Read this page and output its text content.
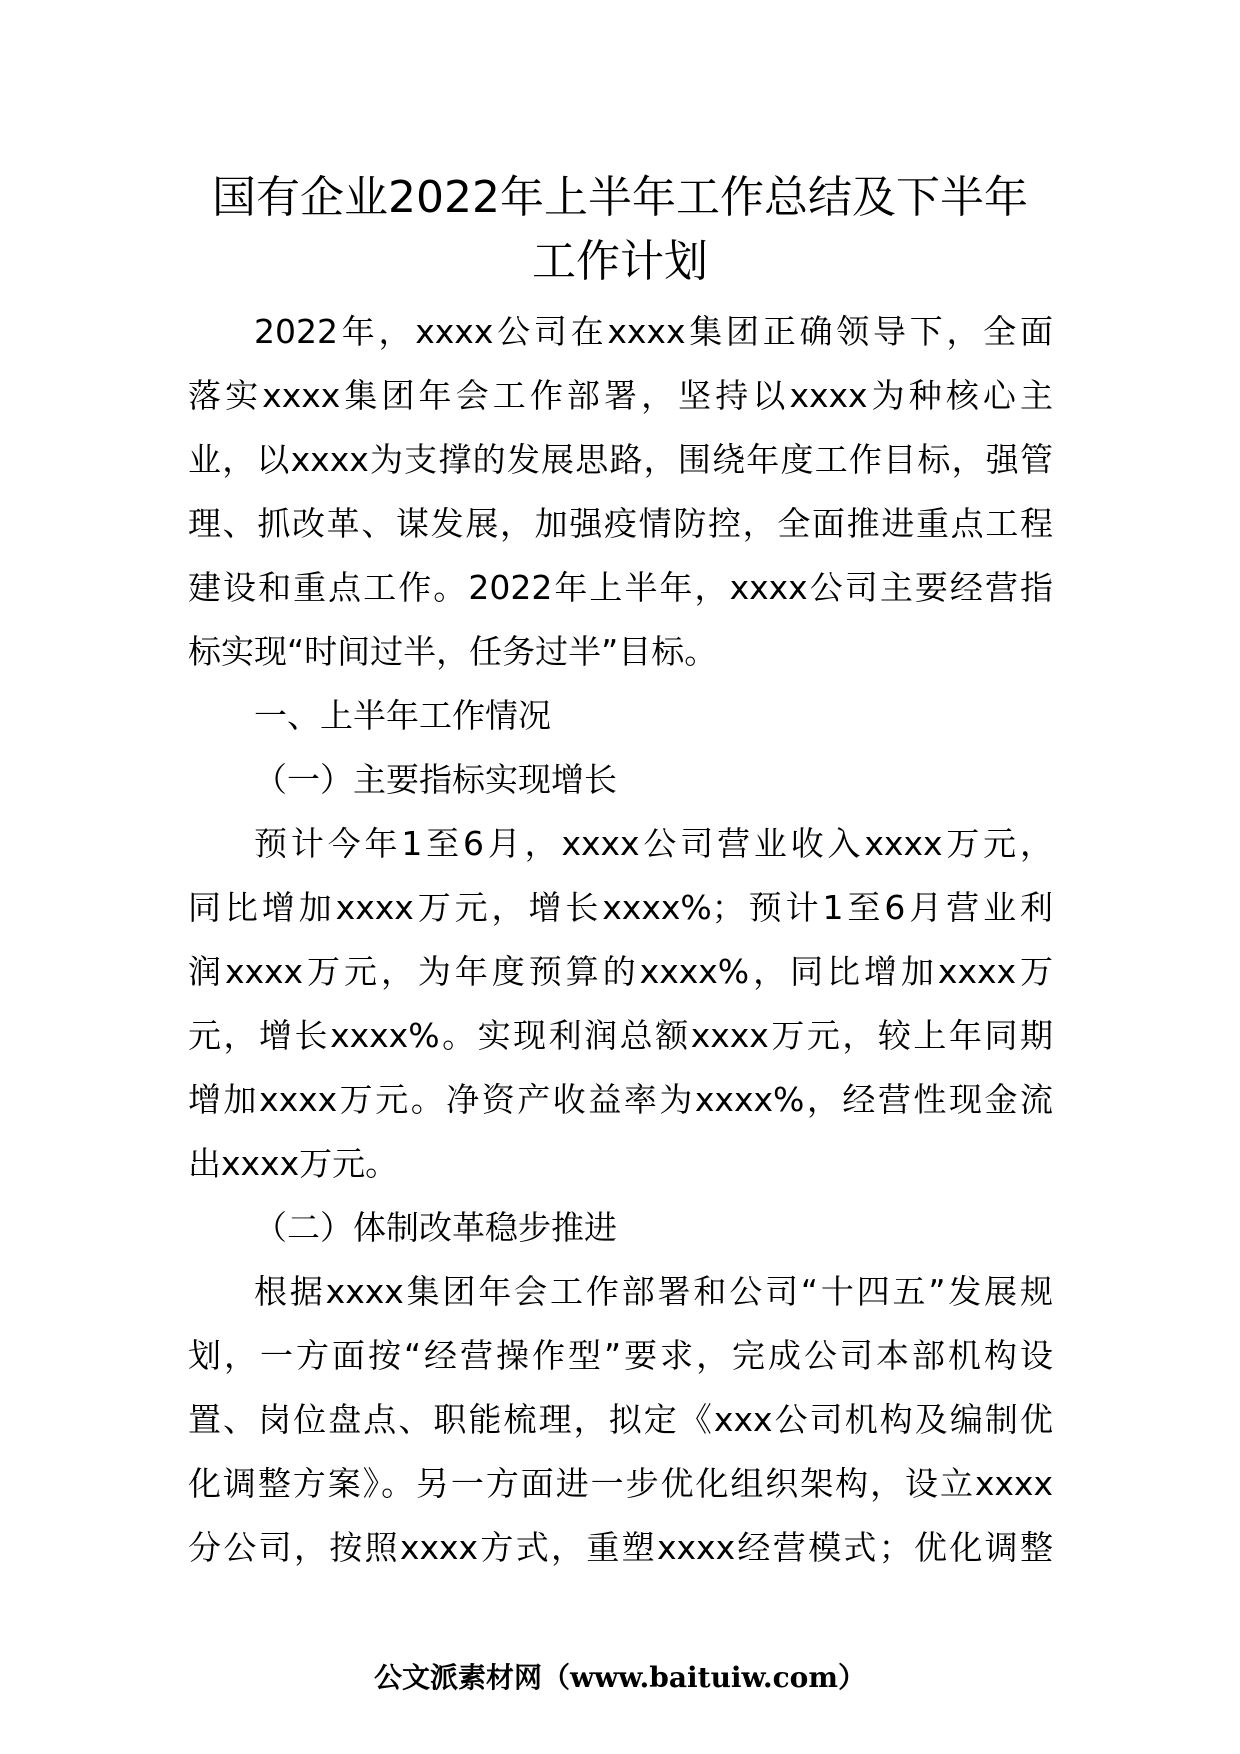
国有企业2022年上半年工作总结及下半年
工作计划
2022年，xxxx公司在xxxx集团正确领导下，全面
落实xxxx集团年会工作部署，坚持以xxxx为种核心主
业，以xxxx为支撑的发展思路，围绕年度工作目标，强管
理、抓改革、谋发展，加强疫情防控，全面推进重点工程
建设和重点工作。2022年上半年，xxxx公司主要经营指
标实现“时间过半，任务过半”目标。
一、上半年工作情况
（一）主要指标实现增长
预计今年1至6月，xxxx公司营业收入xxxx万元，
同比增加xxxx万元，增长xxxx%；预计1至6月营业利
润xxxx万元，为年度预算的xxxx%，同比增加xxxx万
元，增长xxxx%。实现利润总额xxxx万元，较上年同期
增加xxxx万元。净资产收益率为xxxx%，经营性现金流
出xxxx万元。
（二）体制改革稳步推进
根据xxxx集团年会工作部署和公司“十四五”发展规
划，一方面按“经营操作型”要求，完成公司本部机构设
置、岗位盘点、职能梳理，拟定《xxx公司机构及编制优
化调整方案》。另一方面进一步优化组织架构，设立xxxx
分公司，按照xxxx方式，重塑xxxx经营模式；优化调整
公文派素材网（www.baituiw.com）
